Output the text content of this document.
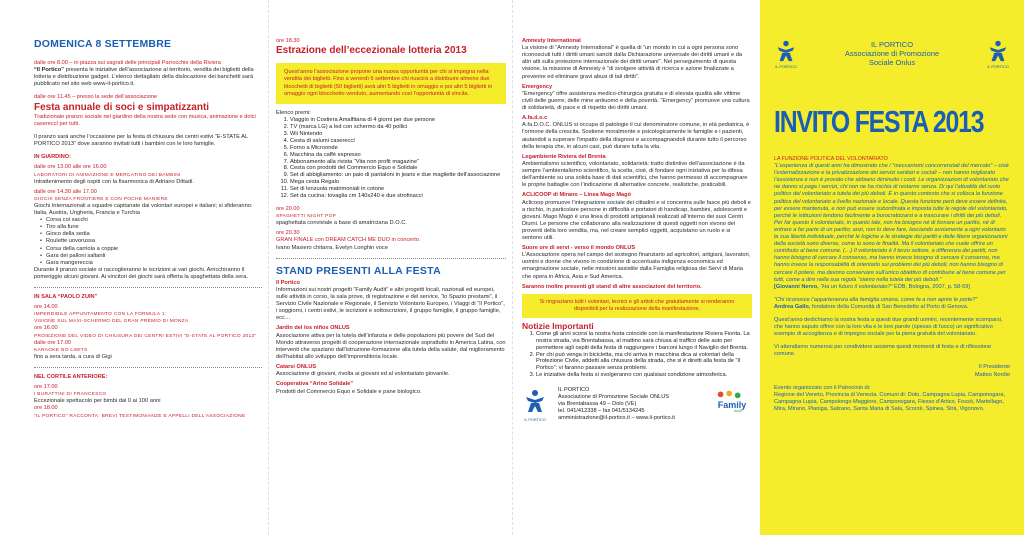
DOMENICA 8 SETTEMBRE
dalle ore 8.00 – in piazza sui sagrati delle principali Parrocchie della Riviera
“Il Portico” presenta le iniziative dell’associazione al territorio, vendita dei biglietti della lotteria e distribuzione gadget. L’elenco dettagliato della dislocazione dei banchetti sarà pubblicato nel sito web www-il-portico.it.
dalle ore 11.45 – presso la sede dell’associazione
Festa annuale di soci e simpatizzanti
Tradizionale pranzo sociale nel giardino della nostra sede con musica, animazione e dolci casereccI per tutti.
Il pranzo sarà anche l’occasione per la festa di chiusura dei centri estivi “E-STATE AL PORTICO 2013” dove saranno invitati tutti i bambini con le loro famiglie.
IN GIARDINO:
dalle ore 13.00 alle ore 16.00
LABORATORI DI ANIMAZIONE E MERCATINO DEI BAMBINI
Intrattenimento degli ospiti con la fisarmonica di Adriano Dittadi.
dalle ore 14.30 alle 17.00
GIOCHI SENZA FRONTIERE E CON POCHE MANIERE
Giochi Internazionali a squadre capitanate dai volontari europei e italiani; si sfideranno: Italia, Austria, Ungheria, Francia e Turchia
• Corsa coi sacchi
• Tiro alla fune
• Gioco della sedia
• Roulette uovorussa
• Corsa della carriola a coppie
• Gara dei palloni saltanti
• Gara mangereccia
Durante il pranzo sociale si raccoglieranno le iscrizioni ai vari giochi. Arricchiranno il pomeriggio alcuni giovani. Ai vincitori dei giochi sarà offerta la spaghettata della sera.
IN SALA “PAOLO ZUIN”
ore 14.00
IMPERDIBILE APPUNTAMENTO CON LA FORMULA 1:
VISIONE SUL MAXI-SCHERMO DEL GRAN PREMIO DI MONZA
ore 16.00
PROIEZIONE DEL VIDEO DI CHIUSURA DEI CENTRI ESTIVI “E-STATE AL PORTICO 2013”
dalle ore 17.00
KARAOKE NO LIMITS
fino a sera tarda, a cura di Gigi
NEL CORTILE ANTERIORE:
ore 17.00
I BURATTINI DI FRANCESCO
Eccezionale spettacolo per bimbi dai 0 ai 100 anni
ore 18.00
“IL PORTICO” RACCONTA: BREVI TESTIMONIANZE E APPELLI DELL’ASSOCIAZIONE
ore 18.30
Estrazione dell’eccezionale lotteria 2013
Quest’anno l’associazione propone una nuova opportunità per chi si impegna nella vendita dei biglietti. Fino a venerdì 6 settembre chi riuscirà a distribuire almeno due blocchetti di biglietti (50 biglietti) avrà altri 5 biglietti in omaggio e poi altri 5 biglietti in omaggio ogni blocchetto venduto, aumentando così l’opportunità di vincita.
Elenco premi:
1. Viaggio in Costiera Amalfitana di 4 giorni per due persone
2. TV (marca LG) a led con schermo da 40 pollici
3. Wii Nintendo
4. Cesta di salumi casereccI
5. Forno a Microonde
6. Macchina da caffè espresso
7. Abbonamento alla rivista “Vita non profit magazine”
8. Cesta con prodotti del Commercio Equo e Solidale
9. Set di abbigliamento: un paio di pantaloni in jeans e due magliette dell’associazione
10. Mega cesta Regalo
11. Set di lenzuola matrimoniali in cotone
12. Set da cucina: tovaglia cm 140x240 e due strofinacci
ore 20.00
SPAGHETTI NIGHT POP
spaghettata conviviale a base di amatriciana D.O.C.
ore 20.30
GRAN FINALE con DREAM CATCH ME DUO in concerto.
Ivano Masiero chitarra, Evelyn Longhin voce
STAND PRESENTI ALLA FESTA
Il Portico
Informazioni sui nostri progetti “Family Audit” e altri progetti locali, nazionali ed europei, sulle attività in corso, la sala prove, di registrazione e del service, “lo Spazio prestami”, il Servizio Civile Nazionale e Regionale, il Servizio Volontario Europeo, i Viaggi di “Il Portico”, i soggiorni, i centri estivi, le iscrizioni e sottoscrizioni, il gruppo famiglie, il gruppo famiglie, ecc…
Jardin del los niños ONLUS
Associazione attiva per la tutela dell’infanzia e delle popolazioni più povere del Sud del Mondo attraverso progetti di cooperazione internazionale soprattutto in America Latina, con interventi che spaziano dall’istruzione-formazione alla tutela della salute, dal miglioramento dell’habitat allo sviluppo dell’imprenditoria locale.
Catarsi ONLUS
Associazione di giovani, rivolta ai giovani ed al volontariato giovanile.
Cooperativa “Arino Solidale”
Prodotti del Commercio Equo e Solidale e pane biologico.
Amnesty International
La visione di “Amnesty International” è quella di “un mondo in cui a ogni persona sono riconosciuti tutti i diritti umani sanciti dalla Dichiarazione universale dei diritti umani e da altri atti sulla protezione internazionale dei diritti umani”. Nel perseguimento di questa visione, la missione di Amnesty è “di svolgere attività di ricerca e azione finalizzate a prevenire ed eliminare gravi abusi di tali diritti”.
Emergency
“Emergency” offre assistenza medico-chirurgica gratuita e di elevata qualità alle vittime civili delle guerre, delle mine antiuomo e della povertà. “Emergency” promuove una cultura di solidarietà, di pace e di rispetto dei diritti umani.
A.fa.d.o.c
A.fa.D.O.C. ONLUS si occupa di patologie il cui denominatore comune, in età pediatrica, è l’ormone della crescita. Sostiene moralmente e psicologicamente le famiglie e i pazienti, aiutandoli a superare l’impatto della diagnosi e accompagnandoli durante tutto il percorso della terapia che, in alcuni casi, può durare tutta la vita.
Legambiente Riviera del Brenta
Ambientalismo scientifico, volontariato, solidarietà: tratto distintivo dell’associazione è da sempre l’ambientalismo scientifico, la scelta, cioè, di fondare ogni iniziativa per la difesa dell’ambiente su una solida base di dati scientifici, che hanno permesso di accompagnare le proprie battaglie con l’indicazione di alternative concrete, realistiche, praticabili.
ACLICOOP di Mirano – Linea Mago Magò
Aclicoop promuove l’integrazione sociale dei cittadini e si concentra sulle fasce più deboli e a rischio, in particolare persone in difficoltà e portatori di handicap, bambini, adolescenti e giovani. Mago Magò è una linea di prodotti artigianali realizzati all’interno dei suoi Centri Diurni. Le persone che collaborano alla realizzazione di questi oggetti non vivono dei proventi della loro vendita, ma, nel creare semplici oggetti, acquistano un ruolo e si sentono utili.
Suore ore di servi - verso il mondo ONLUS
L’Associazione opera nel campo del sostegno finanziario ad agricoltori, artigiani, lavoratori, uomini e donne che vivono in condizione di accentuata indigenza economica ed emarginazione sociale, nelle missioni assistite dalla Famiglia religiosa dei Servi di Maria che opera in Africa, Asia e Sud America.
Saranno inoltre presenti gli stand di altre associazioni del territorio.
Si ringraziano tutti i volontari, tecnici e gli artisti che gratuitamente si renderanno disponibili per la realizzazione della manifestazione.
Notizie Importanti
1. Come gli anni scorsi la nostra festa coincide con la manifestazione Riviera Fiorita. La nostra strada, via Brentabassa, al mattino sarà chiusa al traffico delle auto per permettere agli ospiti della festa di raggiungere i barconi lungo il Naviglio del Brenta.
2. Per chi può venga in bicicletta, ma chi arriva in macchina dica ai volontari della Protezione Civile, addetti alla chiusura della strada, che si è diretti alla festa de “Il Portico”: vi faranno passare senza problemi.
3. Le iniziative della festa si svolgeranno con qualsiasi condizione atmosferica.
IL PORTICO
IL PORTICO
Associazione di Promozione Sociale ONLUS
via Brentabassa 49 – Dolo (VE)
tel. 041/412338 – fax 041/5134245
amministrazione@il-portico.it – www.il-portico.it
Family
Audit
IL PORTICO
IL PORTICO
Associazione di Promozione
Sociale Onlus	IL PORTICO
INVITO FESTA 2013
LA FUNZIONE POLITICA DEL VOLONTARIATO
“L’esperienza di questi anni ha dimostrato che i “meccanismi concorrenziali del mercato” – cioè l’esternalizzazione e la privatizzazione dei servizi sanitari e sociali – non hanno migliorato l’assistenza e non è provato che abbiano diminuito i costi. Le organizzazioni di volontariato che ne danno si paga i servizi, chi non ne ha rischia di restarne senza. Di qui l’attualità del ruolo politico del volontariato a tutela dei più deboli. È in questo contesto che si colloca la funzione politica del volontariato a livello nazionale e locale. Questa funzione però deve essere definita, per essere mantenuta, e non può essere subordinata e imposta tutte le regole del volontariato, perché le istituzioni tendono facilmente a burocratizzarsi e a trascurare i diritti dei più deboli. Per far questo il volontariato, in quanto tale, non ha bisogno né di fornare un partito, né di entrare a far parte di un partito; anzi, non lo deve fare, lasciando avviamente a ogni volontario la sua libertà individuale, perché le logiche e le strategie dei partiti e delle libere organizzazioni della società sono diverse, come lo sono le finalità. Ma il volontariato che vuole offrire un contributo al bene comune. (…) Il volontariato è il terzo settore, a differenza dei partiti, non hanno bisogno di cercare il consenso, ma hanno invece bisogno di cercare il consenso, ma hanno invece la responsabilità di orientarlo sui problemi dei più deboli; non hanno bisogno di cercare il potere, ma devono conservare sull’unico obiettivo di contribuire al bene comune per tutti, come a dire nella sua regola “siamo nella tutela dei più deboli.”
[Giovanni Nervo, “Ha un futuro il volontariato?” EDB, Bologna, 2007, p. 58-59]
“Chi riconosce l’appartenenza alla famiglia umana, come fa a non aprire le porte?”
Andrea Gallo, fondatore della Comunità di San Benedetto al Porto di Genova.
Quest’anno dedichiamo la nostra festa a questi due grandi uomini, recentemente scomparsi, che hanno saputo offrire con la loro vita e le loro parole (spesso di fuoco) un significativo esempio di accoglienza e di impegno sociale per la piena gratuità del volontariato.
Vi attendiamo numerosi per condividere assieme questi momenti di festa e di riflessione comune.
Il Presidente
Matteo Nordio
Evento organizzato con il Patrocinio di:
Regione del Veneto, Provincia di Venezia. Comuni di: Dolo, Campagna Lupia, Camponogara, Campagna Lupia, Campolongo Maggiore, Camponogara, Fiesso d’Artico, Fossò, Martellago, Mira, Mirano, Pianiga, Salzano, Santa Maria di Sala, Scorzè, Spinea, Strà, Vigonovo.
